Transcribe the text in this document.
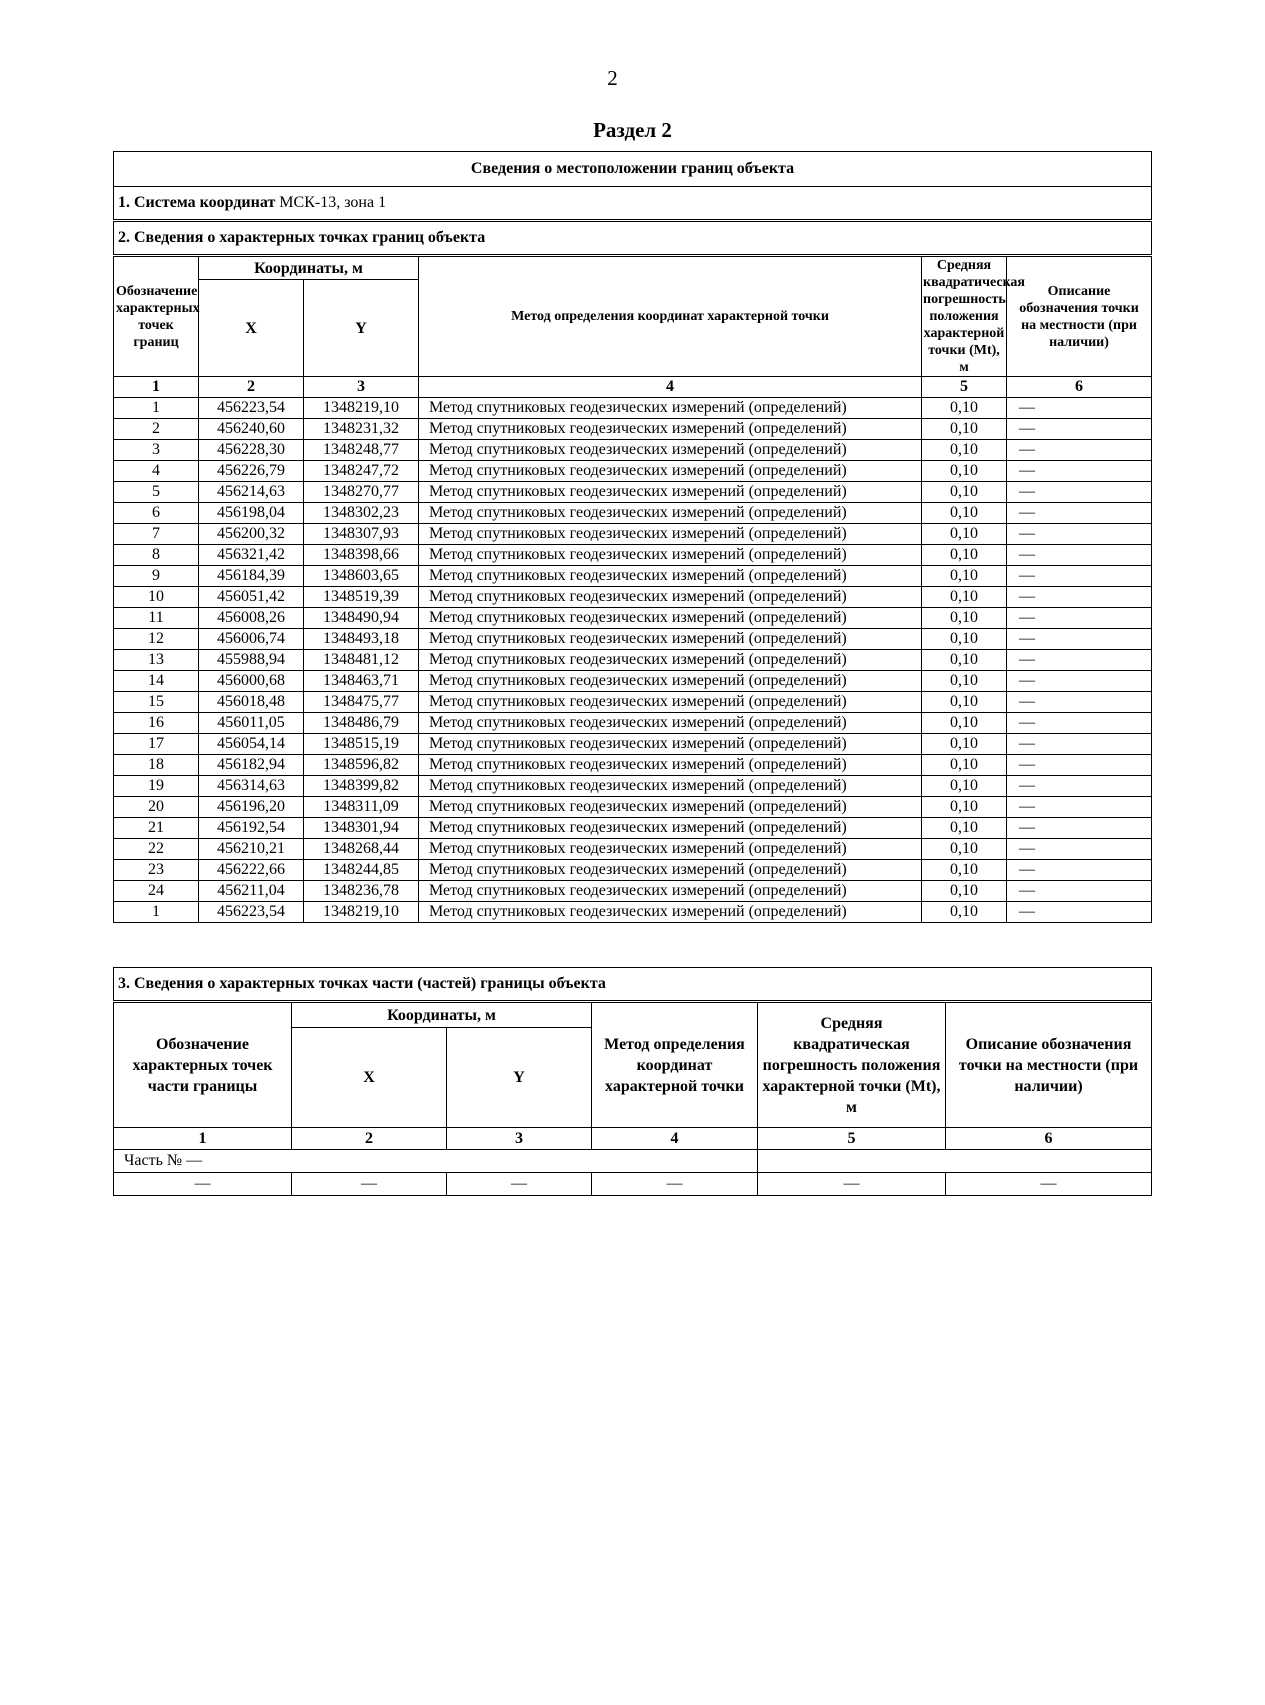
2
Раздел 2
Сведения о местоположении границ объекта					
1. Система координат МСК-13, зона 1					
2. Сведения о характерных точках границ объекта					
Обозначение характерных точек границ	Координаты, м		Метод определения координат характерной точки	Средняя квадратическая погрешность положения характерной точки (Mt), м	Описание обозначения точки на местности (при наличии)
	X	Y			
1	2	3	4	5	6
1	456223,54	1348219,10	Метод спутниковых геодезических измерений (определений)	0,10	—
2	456240,60	1348231,32	Метод спутниковых геодезических измерений (определений)	0,10	—
3	456228,30	1348248,77	Метод спутниковых геодезических измерений (определений)	0,10	—
4	456226,79	1348247,72	Метод спутниковых геодезических измерений (определений)	0,10	—
5	456214,63	1348270,77	Метод спутниковых геодезических измерений (определений)	0,10	—
6	456198,04	1348302,23	Метод спутниковых геодезических измерений (определений)	0,10	—
7	456200,32	1348307,93	Метод спутниковых геодезических измерений (определений)	0,10	—
8	456321,42	1348398,66	Метод спутниковых геодезических измерений (определений)	0,10	—
9	456184,39	1348603,65	Метод спутниковых геодезических измерений (определений)	0,10	—
10	456051,42	1348519,39	Метод спутниковых геодезических измерений (определений)	0,10	—
11	456008,26	1348490,94	Метод спутниковых геодезических измерений (определений)	0,10	—
12	456006,74	1348493,18	Метод спутниковых геодезических измерений (определений)	0,10	—
13	455988,94	1348481,12	Метод спутниковых геодезических измерений (определений)	0,10	—
14	456000,68	1348463,71	Метод спутниковых геодезических измерений (определений)	0,10	—
15	456018,48	1348475,77	Метод спутниковых геодезических измерений (определений)	0,10	—
16	456011,05	1348486,79	Метод спутниковых геодезических измерений (определений)	0,10	—
17	456054,14	1348515,19	Метод спутниковых геодезических измерений (определений)	0,10	—
18	456182,94	1348596,82	Метод спутниковых геодезических измерений (определений)	0,10	—
19	456314,63	1348399,82	Метод спутниковых геодезических измерений (определений)	0,10	—
20	456196,20	1348311,09	Метод спутниковых геодезических измерений (определений)	0,10	—
21	456192,54	1348301,94	Метод спутниковых геодезических измерений (определений)	0,10	—
22	456210,21	1348268,44	Метод спутниковых геодезических измерений (определений)	0,10	—
23	456222,66	1348244,85	Метод спутниковых геодезических измерений (определений)	0,10	—
24	456211,04	1348236,78	Метод спутниковых геодезических измерений (определений)	0,10	—
1	456223,54	1348219,10	Метод спутниковых геодезических измерений (определений)	0,10	—
3. Сведения о характерных точках части (частей) границы объекта					
Обозначение характерных точек части границы	Координаты, м		Метод определения координат характерной точки	Средняя квадратическая погрешность положения характерной точки (Mt), м	Описание обозначения точки на местности (при наличии)
	X	Y			
1	2	3	4	5	6
Часть № —					
—	—	—	—	—	—
